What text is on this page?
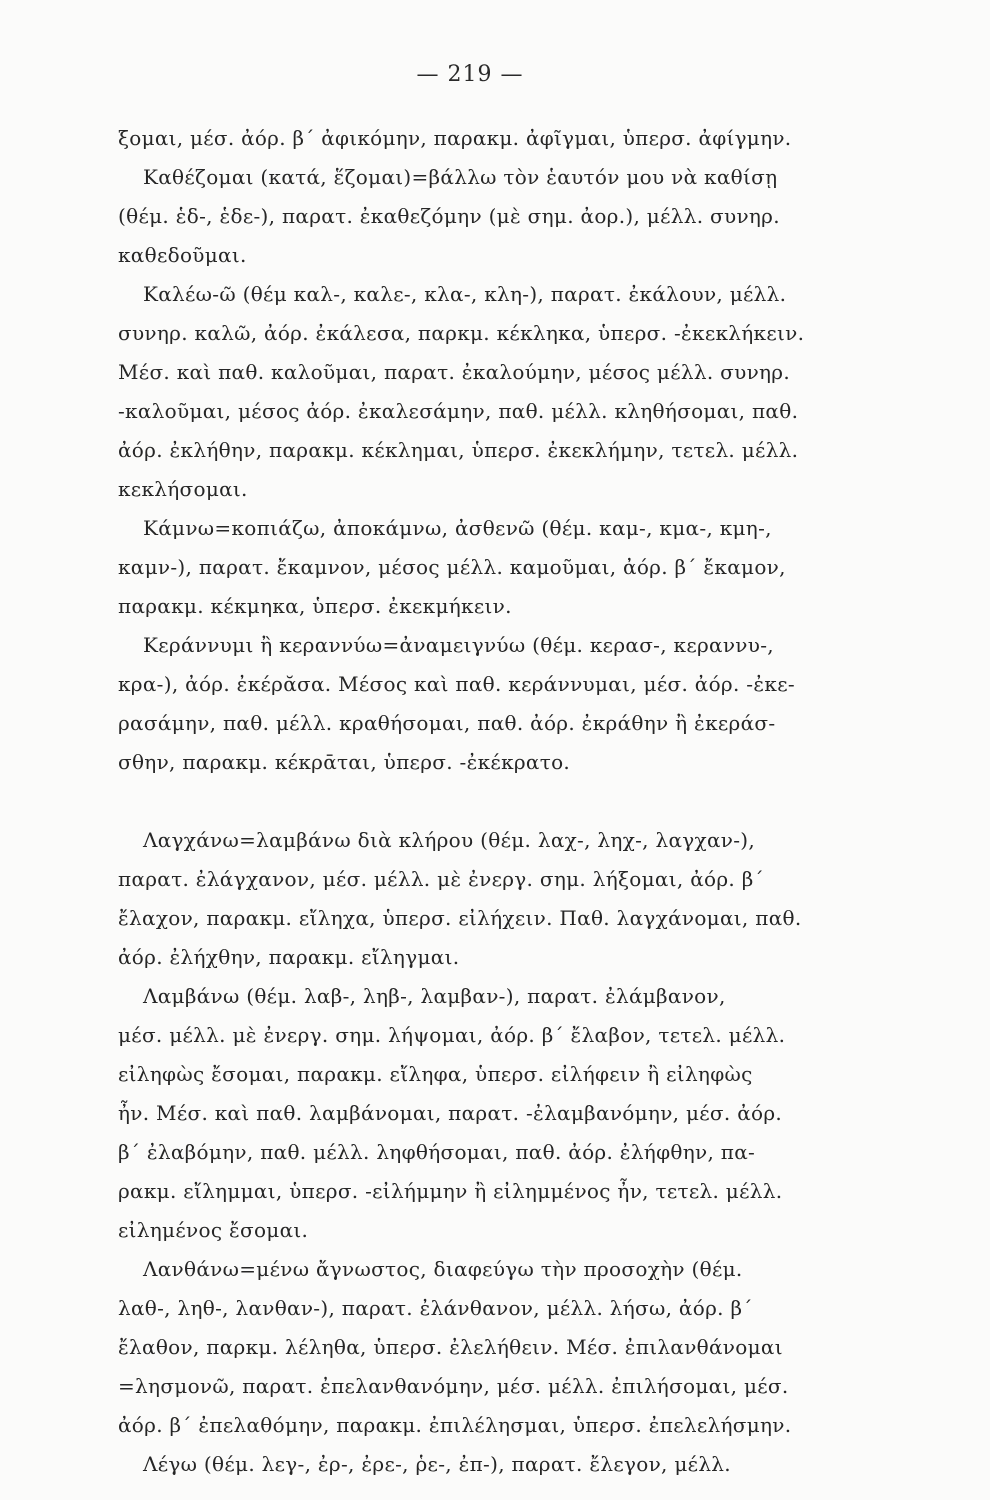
— 219 —
ξομαι, μέσ. ἀόρ. β΄ ἀφικόμην, παρακμ. ἀφῖγμαι, ὑπερσ. ἀφίγμην.
Καθέζομαι (κατά, ἕζομαι)=βάλλω τὸν ἑαυτόν μου νὰ καθίσῃ
(θέμ. ἑδ-, ἑδε-), παρατ. ἐκαθεζόμην (μὲ σημ. ἀορ.), μέλλ. συνηρ.
καθεδοῦμαι.
Καλέω-ῶ (θέμ καλ-, καλε-, κλα-, κλη-), παρατ. ἐκάλουν, μέλλ.
συνηρ. καλῶ, ἀόρ. ἐκάλεσα, παρκμ. κέκληκα, ὑπερσ. -ἐκεκλήκειν.
Μέσ. καὶ παθ. καλοῦμαι, παρατ. ἐκαλούμην, μέσος μέλλ. συνηρ.
-καλοῦμαι, μέσος ἀόρ. ἐκαλεσάμην, παθ. μέλλ. κληθήσομαι, παθ.
ἀόρ. ἐκλήθην, παρακμ. κέκλημαι, ὑπερσ. ἐκεκλήμην, τετελ. μέλλ.
κεκλήσομαι.
Κάμνω=κοπιάζω, ἀποκάμνω, ἀσθενῶ (θέμ. καμ-, κμα-, κμη-,
καμν-), παρατ. ἔκαμνον, μέσος μέλλ. καμοῦμαι, ἀόρ. β΄ ἔκαμον,
παρακμ. κέκμηκα, ὑπερσ. ἐκεκμήκειν.
Κεράννυμι ἢ κεραννύω=ἀναμειγνύω (θέμ. κερασ-, κεραννυ-,
κρα-), ἀόρ. ἐκέρᾰσα. Μέσος καὶ παθ. κεράννυμαι, μέσ. ἀόρ. -ἐκε-
ρασάμην, παθ. μέλλ. κραθήσομαι, παθ. ἀόρ. ἐκράθην ἢ ἐκεράσ-
σθην, παρακμ. κέκρᾱται, ὑπερσ. -ἐκέκρατο.
Λαγχάνω=λαμβάνω διὰ κλήρου (θέμ. λαχ-, ληχ-, λαγχαν-),
παρατ. ἐλάγχανον, μέσ. μέλλ. μὲ ἐνεργ. σημ. λήξομαι, ἀόρ. β΄
ἔλαχον, παρακμ. εἴληχα, ὑπερσ. εἰλήχειν. Παθ. λαγχάνομαι, παθ.
ἀόρ. ἐλήχθην, παρακμ. εἴληγμαι.
Λαμβάνω (θέμ. λαβ-, ληβ-, λαμβαν-), παρατ. ἐλάμβανον,
μέσ. μέλλ. μὲ ἐνεργ. σημ. λήψομαι, ἀόρ. β΄ ἔλαβον, τετελ. μέλλ.
εἰληφὼς ἔσομαι, παρακμ. εἴληφα, ὑπερσ. εἰλήφειν ἢ εἰληφὼς
ἦν. Μέσ. καὶ παθ. λαμβάνομαι, παρατ. -ἐλαμβανόμην, μέσ. ἀόρ.
β΄ ἐλαβόμην, παθ. μέλλ. ληφθήσομαι, παθ. ἀόρ. ἐλήφθην, πα-
ρακμ. εἴλημμαι, ὑπερσ. -εἰλήμμην ἢ εἰλημμένος ἦν, τετελ. μέλλ.
εἰλημένος ἔσομαι.
Λανθάνω=μένω ἄγνωστος, διαφεύγω τὴν προσοχὴν (θέμ.
λαθ-, ληθ-, λανθαν-), παρατ. ἐλάνθανον, μέλλ. λήσω, ἀόρ. β΄
ἔλαθον, παρκμ. λέληθα, ὑπερσ. ἐλελήθειν. Μέσ. ἐπιλανθάνομαι
=λησμονῶ, παρατ. ἐπελανθανόμην, μέσ. μέλλ. ἐπιλήσομαι, μέσ.
ἀόρ. β΄ ἐπελαθόμην, παρακμ. ἐπιλέλησμαι, ὑπερσ. ἐπελελήσμην.
Λέγω (θέμ. λεγ-, ἐρ-, ἐρε-, ῥε-, ἐπ-), παρατ. ἔλεγον, μέλλ.
